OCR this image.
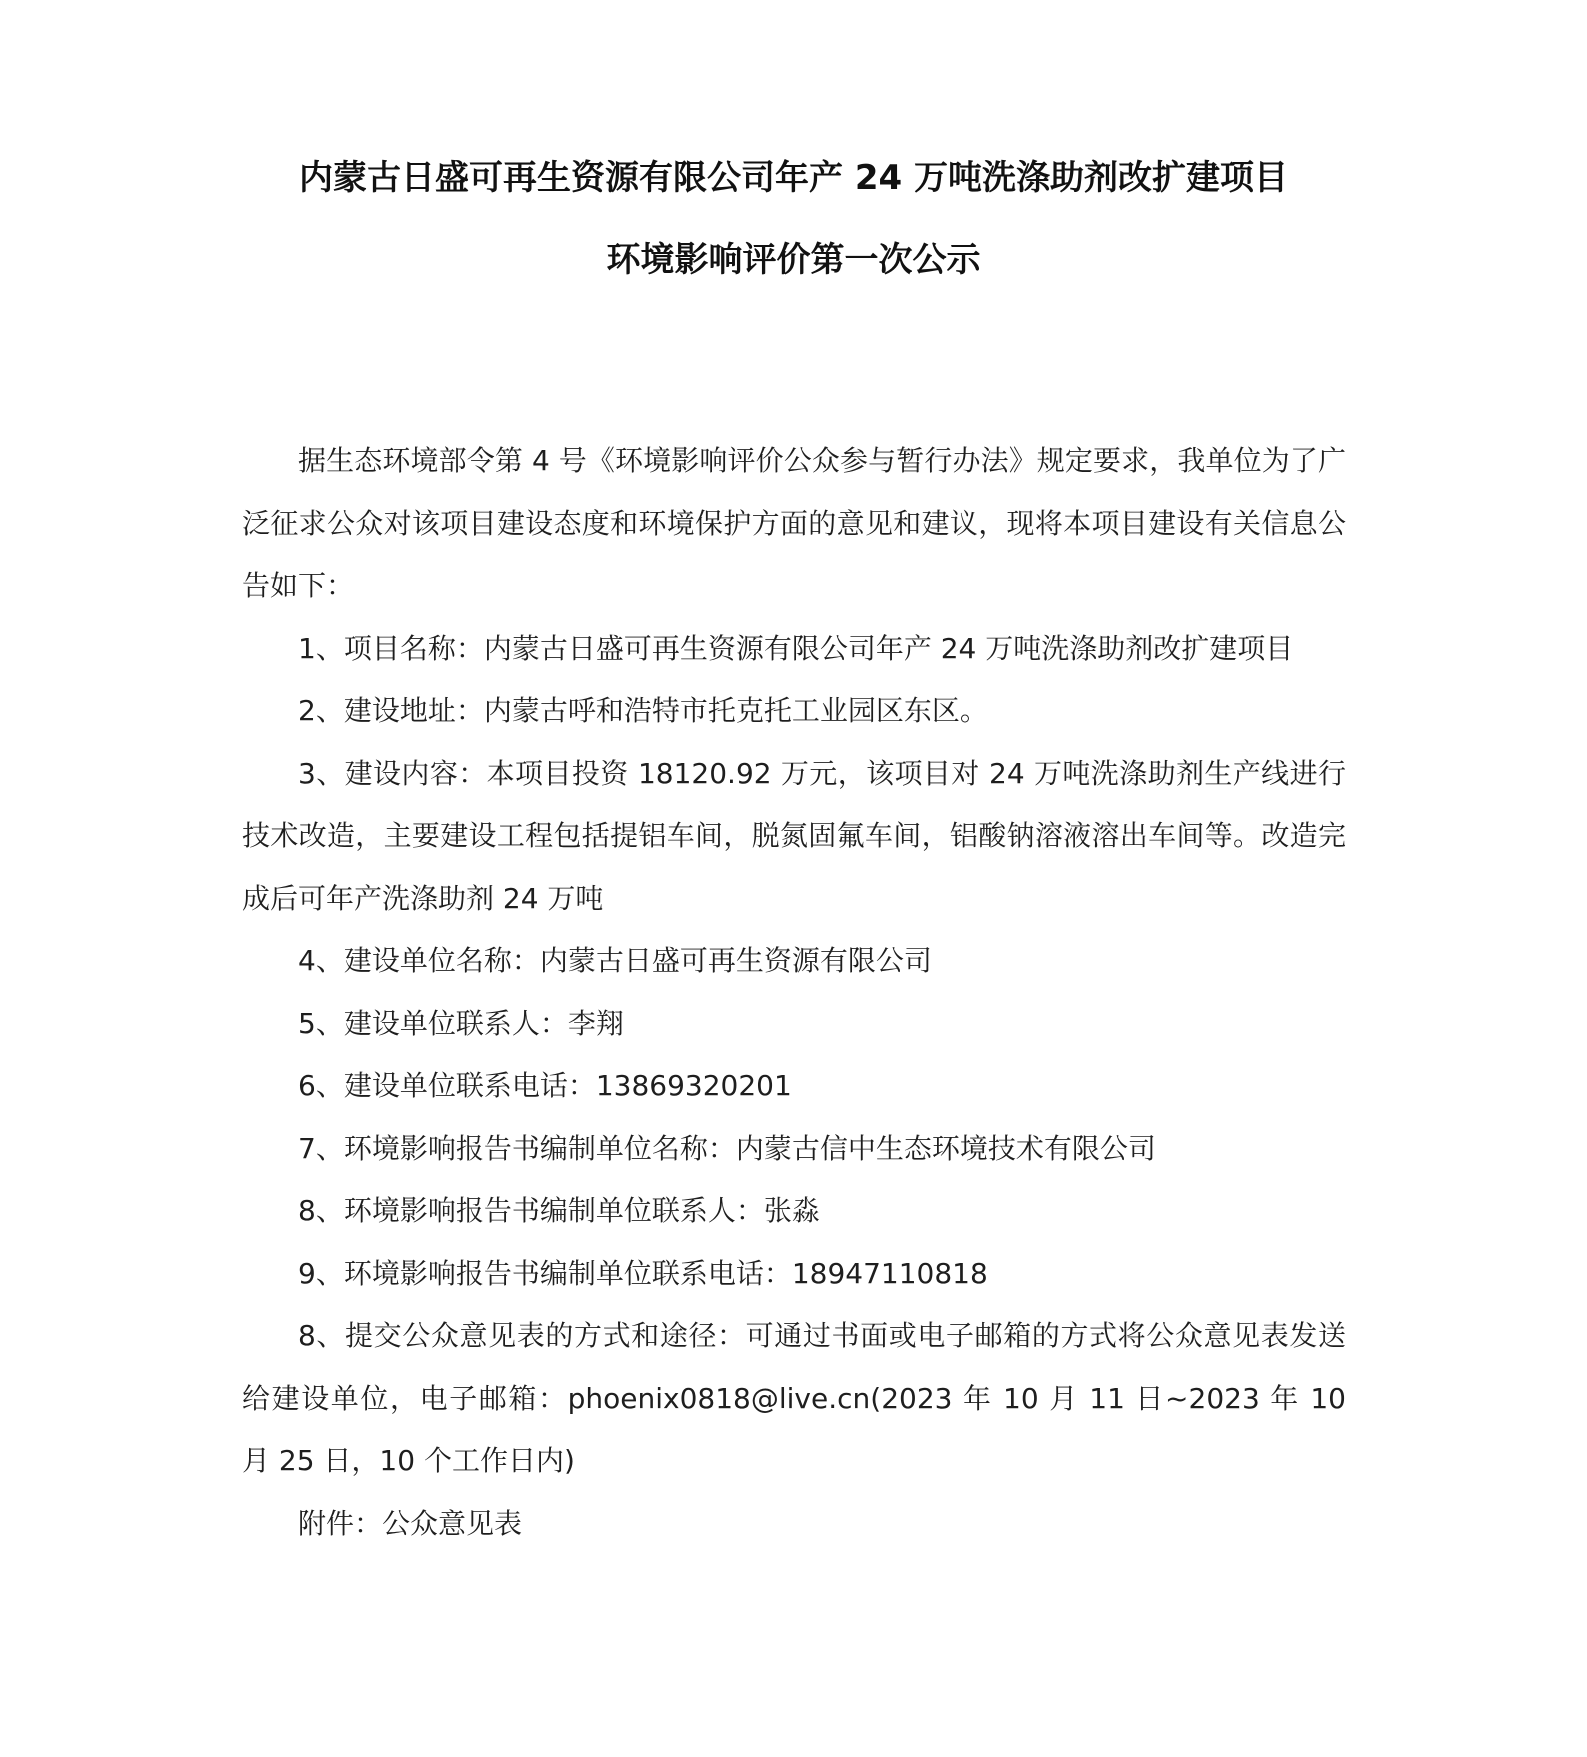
内蒙古日盛可再生资源有限公司年产 24 万吨洗涤助剂改扩建项目
环境影响评价第一次公示

据生态环境部令第 4 号《环境影响评价公众参与暂行办法》规定要求，我单位为了广泛征求公众对该项目建设态度和环境保护方面的意见和建议，现将本项目建设有关信息公告如下：

1、项目名称：内蒙古日盛可再生资源有限公司年产 24 万吨洗涤助剂改扩建项目

2、建设地址：内蒙古呼和浩特市托克托工业园区东区。

3、建设内容：本项目投资 18120.92 万元，该项目对 24 万吨洗涤助剂生产线进行技术改造，主要建设工程包括提铝车间，脱氮固氟车间，铝酸钠溶液溶出车间等。改造完成后可年产洗涤助剂 24 万吨

4、建设单位名称：内蒙古日盛可再生资源有限公司

5、建设单位联系人：李翔

6、建设单位联系电话：13869320201

7、环境影响报告书编制单位名称：内蒙古信中生态环境技术有限公司

8、环境影响报告书编制单位联系人：张淼

9、环境影响报告书编制单位联系电话：18947110818

8、提交公众意见表的方式和途径：可通过书面或电子邮箱的方式将公众意见表发送给建设单位，电子邮箱：phoenix0818@live.cn(2023 年 10 月 11 日~2023 年 10 月 25 日，10 个工作日内)

附件：公众意见表
